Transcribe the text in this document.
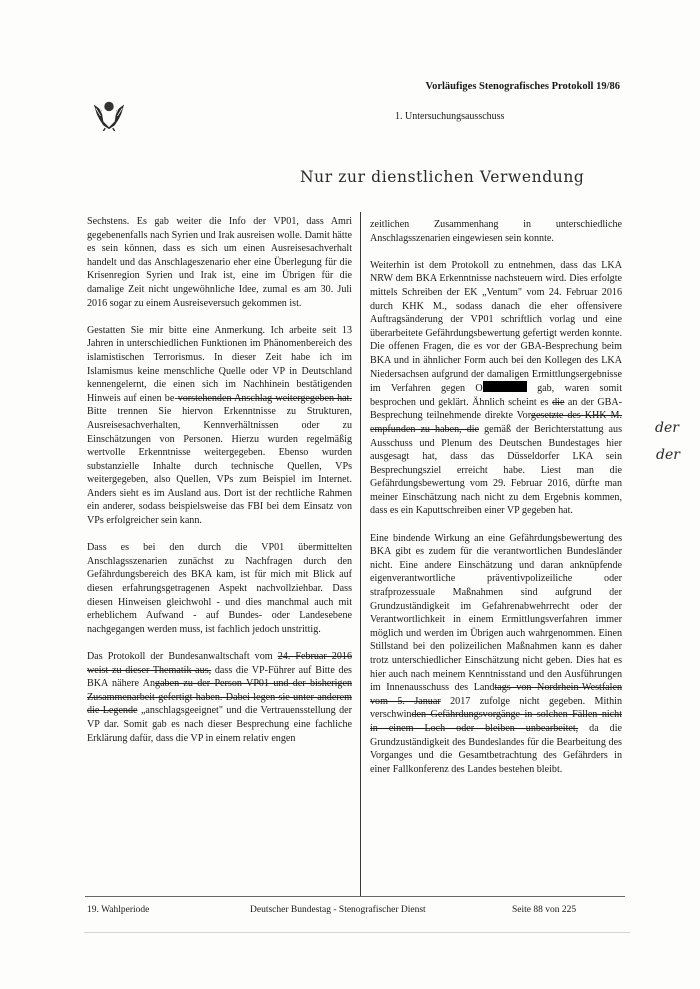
Vorläufiges Stenografisches Protokoll 19/86
1. Untersuchungsausschuss
Nur zur dienstlichen Verwendung

Sechstens. Es gab weiter die Info der VP01, dass Amri gegebenenfalls nach Syrien und Irak ausreisen wolle. Damit hätte es sein können, dass es sich um einen Ausreisesachverhalt handelt und das Anschlageszenario eher eine Überlegung für die Krisenregion Syrien und Irak ist, eine im Übrigen für die damalige Zeit nicht ungewöhnliche Idee, zumal es am 30. Juli 2016 sogar zu einem Ausreiseversuch gekommen ist.

Gestatten Sie mir bitte eine Anmerkung. Ich arbeite seit 13 Jahren in unterschiedlichen Funktionen im Phänomenbereich des islamistischen Terrorismus. In dieser Zeit habe ich im Islamismus keine menschliche Quelle oder VP in Deutschland kennengelernt, die einen sich im Nachhinein bestätigenden Hinweis auf einen be-vorstehenden Anschlag weitergegeben hat. Bitte trennen Sie hiervon Erkenntnisse zu Strukturen, Ausreisesachverhalten, Kennverhältnissen oder zu Einschätzungen von Personen. Hierzu wurden regelmäßig wertvolle Erkenntnisse weitergegeben. Ebenso wurden substanzielle Inhalte durch technische Quellen, VPs weitergegeben, also Quellen, VPs zum Beispiel im Internet. Anders sieht es im Ausland aus. Dort ist der rechtliche Rahmen ein anderer, sodass beispielsweise das FBI bei dem Einsatz von VPs erfolgreicher sein kann.

Dass es bei den durch die VP01 übermittelten Anschlagsszenarien zunächst zu Nachfragen durch den Gefährdungsbereich des BKA kam, ist für mich mit Blick auf diesen erfahrungsgetragenen Aspekt nachvollziehbar. Dass diesen Hinweisen gleichwohl - und dies manchmal auch mit erheblichem Aufwand - auf Bundes- oder Landesebene nachgegangen werden muss, ist fachlich jedoch unstrittig.

Das Protokoll der Bundesanwaltschaft vom 24. Februar 2016 weist zu dieser Thematik aus, dass die VP-Führer auf Bitte des BKA nähere Angaben zu der Person VP01 und der bisherigen Zusammenarbeit gefertigt haben. Dabei legen sie unter anderem die Legende „anschlagsgeeignet" und die Vertrauensstellung der VP dar. Somit gab es nach dieser Besprechung eine fachliche Erklärung dafür, dass die VP in einem relativ engen

zeitlichen Zusammenhang in unterschiedliche Anschlagsszenarien eingewiesen sein konnte.

Weiterhin ist dem Protokoll zu entnehmen, dass das LKA NRW dem BKA Erkenntnisse nachsteuern wird. Dies erfolgte mittels Schreiben der EK „Ventum" vom 24. Februar 2016 durch KHK M., sodass danach die eher offensivere Auftragsänderung der VP01 schriftlich vorlag und eine überarbeitete Gefährdungsbewertung gefertigt werden konnte. Die offenen Fragen, die es vor der GBA-Besprechung beim BKA und in ähnlicher Form auch bei den Kollegen des LKA Niedersachsen aufgrund der damaligen Ermittlungsergebnisse im Verfahren gegen O	gab, waren somit besprochen und geklärt. Ähnlich scheint es die an der GBA-Besprechung teilnehmende direkte Vorgesetzte des KHK M. empfunden zu haben, die gemäß der Berichterstattung aus Ausschuss und Plenum des Deutschen Bundestages hier ausgesagt hat, dass das Düsseldorfer LKA sein Besprechungsziel erreicht habe. Liest man die Gefährdungsbewertung vom 29. Februar 2016, dürfte man meiner Einschätzung nach nicht zu dem Ergebnis kommen, dass es ein Kaputtschreiben einer VP gegeben hat.

Eine bindende Wirkung an eine Gefährdungsbewertung des BKA gibt es zudem für die verantwortlichen Bundesländer nicht. Eine andere Einschätzung und daran anknüpfende eigenverantwortliche präventivpolizeiliche oder strafprozessuale Maßnahmen sind aufgrund der Grundzuständigkeit im Gefahrenabwehrrecht oder der Verantwortlichkeit in einem Ermittlungsverfahren immer möglich und werden im Übrigen auch wahrgenommen. Einen Stillstand bei den polizeilichen Maßnahmen kann es daher trotz unterschiedlicher Einschätzung nicht geben. Dies hat es hier auch nach meinem Kenntnisstand und den Ausführungen im Innenausschuss des Landtags von Nordrhein-Westfalen vom 5. Januar 2017 zufolge nicht gegeben. Mithin verschwinden Gefährdungsvorgänge in solchen Fällen nicht in einem Loch oder bleiben unbearbeitet, da die Grundzuständigkeit des Bundeslandes für die Bearbeitung des Vorganges und die Gesamtbetrachtung des Gefährders in einer Fallkonferenz des Landes bestehen bleibt.

der
der
19. Wahlperiode	Deutscher Bundestag - Stenografischer Dienst	Seite 88 von 225
